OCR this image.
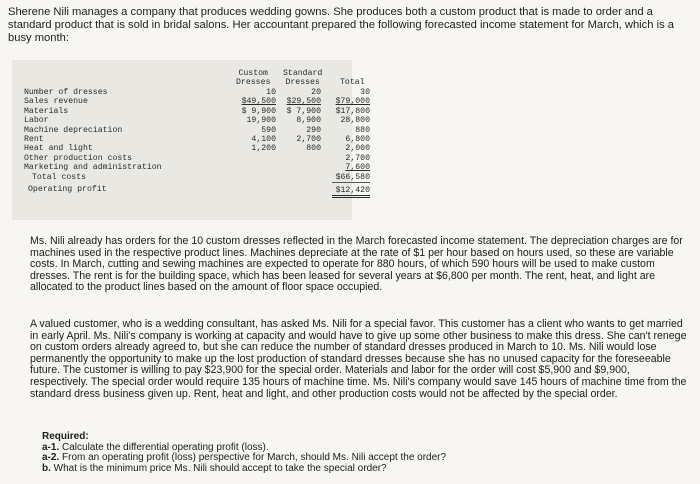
Sherene Nili manages a company that produces wedding gowns. She produces both a custom product that is made to order and a standard product that is sold in bridal salons. Her accountant prepared the following forecasted income statement for March, which is a busy month:
Custom
Dresses
Standard
Dresses Total
Number of dresses
Sales revenue
Materials
Labor
Machine depreciation
Rent
Heat and light
Other production costs
Marketing and administration
Total costs
Operating profit
10
$49,500
$ 9,900
19,900
590
4,100
1,200
20
$29,500
$ 7,900
8,900
290
2,700
800
30
$79,000
$17,800
28,800
880
6,800
2,000
2,700
7,600
$66,580
$12,420
Ms. Nili already has orders for the 10 custom dresses reflected in the March forecasted income statement. The depreciation charges are for machines used in the respective product lines. Machines depreciate at the rate of $1 per hour based on hours used, so these are variable costs. In March, cutting and sewing machines are expected to operate for 880 hours, of which 590 hours will be used to make custom dresses. The rent is for the building space, which has been leased for several years at $6,800 per month. The rent, heat, and light are allocated to the product lines based on the amount of floor space occupied.
A valued customer, who is a wedding consultant, has asked Ms. Nili for a special favor. This customer has a client who wants to get married in early April. Ms. Nili's company is working at capacity and would have to give up some other business to make this dress. She can't renege on custom orders already agreed to, but she can reduce the number of standard dresses produced in March to 10. Ms. Nili would lose permanently the opportunity to make up the lost production of standard dresses because she has no unused capacity for the foreseeable future. The customer is willing to pay $23,900 for the special order. Materials and labor for the order will cost $5,900 and $9,900, respectively. The special order would require 135 hours of machine time. Ms. Nili's company would save 145 hours of machine time from the standard dress business given up. Rent, heat and light, and other production costs would not be affected by the special order.
Required:
a-1. Calculate the differential operating profit (loss).
a-2. From an operating profit (loss) perspective for March, should Ms. Nili accept the order?
b. What is the minimum price Ms. Nili should accept to take the special order?
